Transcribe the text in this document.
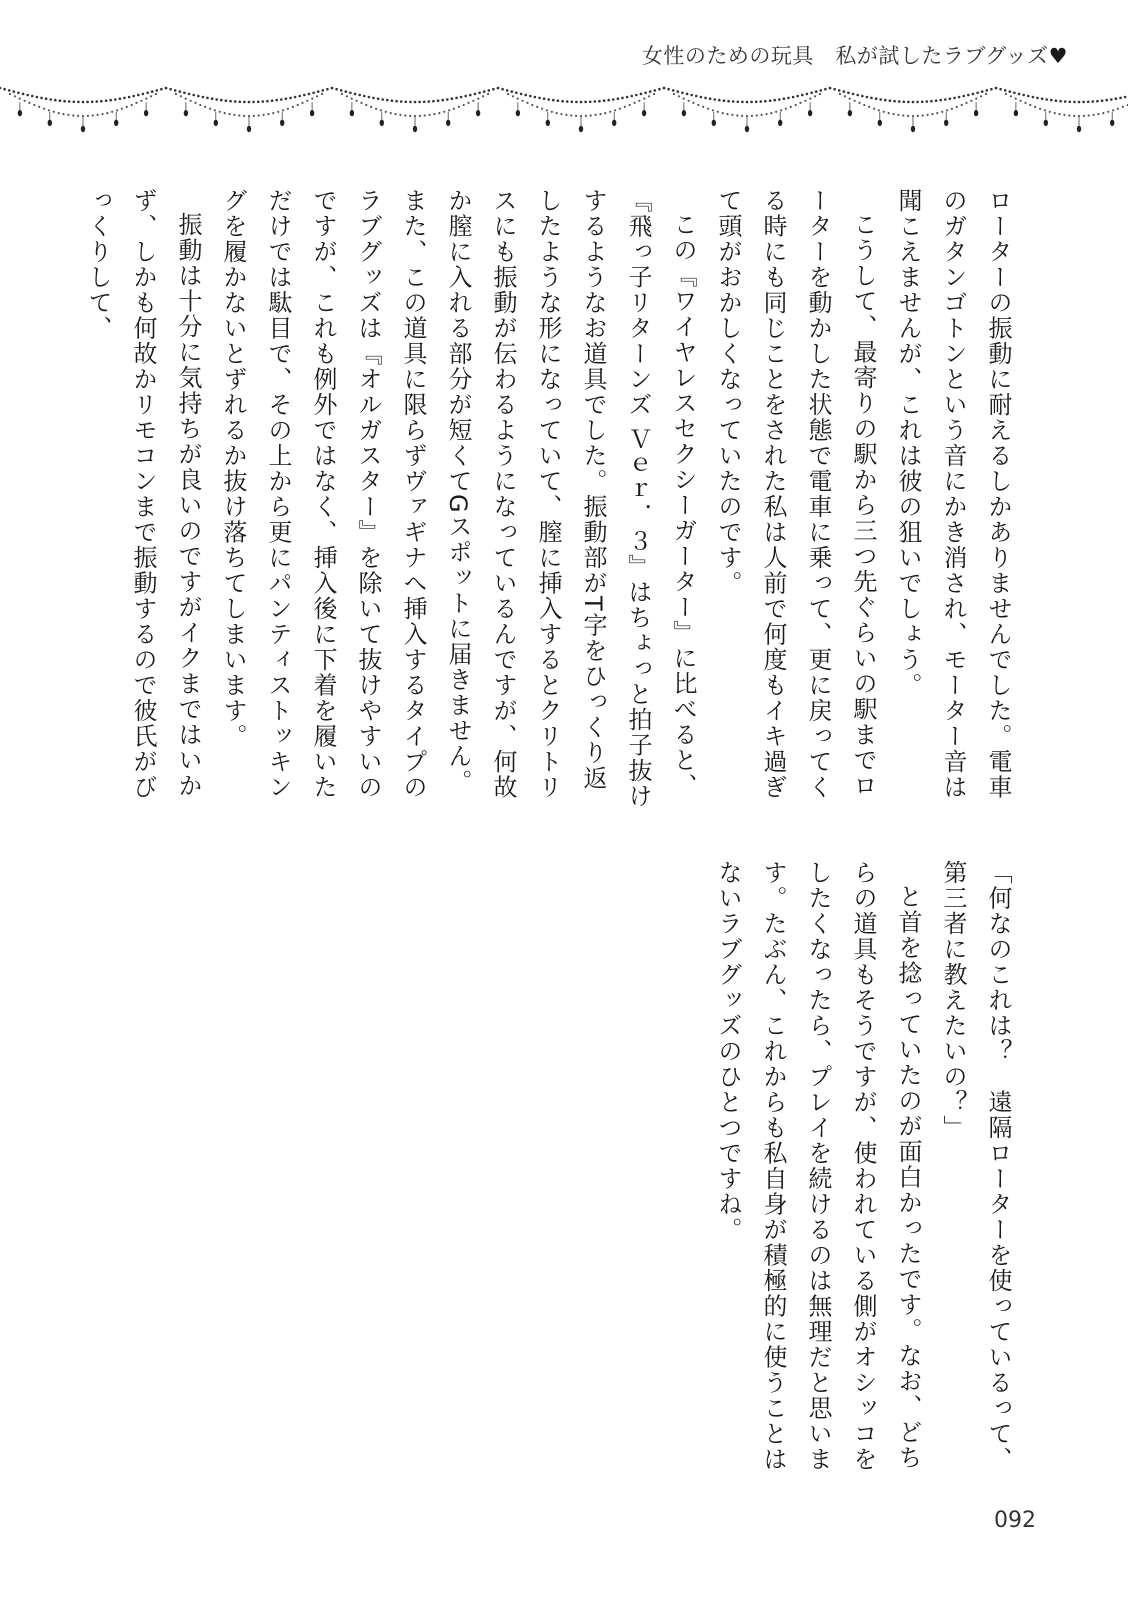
女性のための玩具　私が試したラブグッズ♥

ローターの振動に耐えるしかありませんでした。電車のガタンゴトンという音にかき消され、モーター音は聞こえませんが、これは彼の狙いでしょう。

こうして、最寄りの駅から三つ先ぐらいの駅までローターを動かした状態で電車に乗って、更に戻ってくる時にも同じことをされた私は人前で何度もイキ過ぎて頭がおかしくなっていたのです。

この『ワイヤレスセクシーガーター』に比べると、『飛っ子リターンズ Ｖｅｒ．３』はちょっと拍子抜けするようなお道具でした。振動部がT字をひっくり返したような形になっていて、膣に挿入するとクリトリスにも振動が伝わるようになっているんですが、何故か膣に入れる部分が短くてGスポットに届きません。また、この道具に限らずヴァギナへ挿入するタイプのラブグッズは『オルガスター』を除いて抜けやすいのですが、これも例外ではなく、挿入後に下着を履いただけでは駄目で、その上から更にパンティストッキングを履かないとずれるか抜け落ちてしまいます。

振動は十分に気持ちが良いのですがイクまではいかず、しかも何故かリモコンまで振動するので彼氏がびっくりして、

「何なのこれは？　遠隔ローターを使っているって、第三者に教えたいの？」

と首を捻っていたのが面白かったです。なお、どちらの道具もそうですが、使われている側がオシッコをしたくなったら、プレイを続けるのは無理だと思います。たぶん、これからも私自身が積極的に使うことはないラブグッズのひとつですね。

092
